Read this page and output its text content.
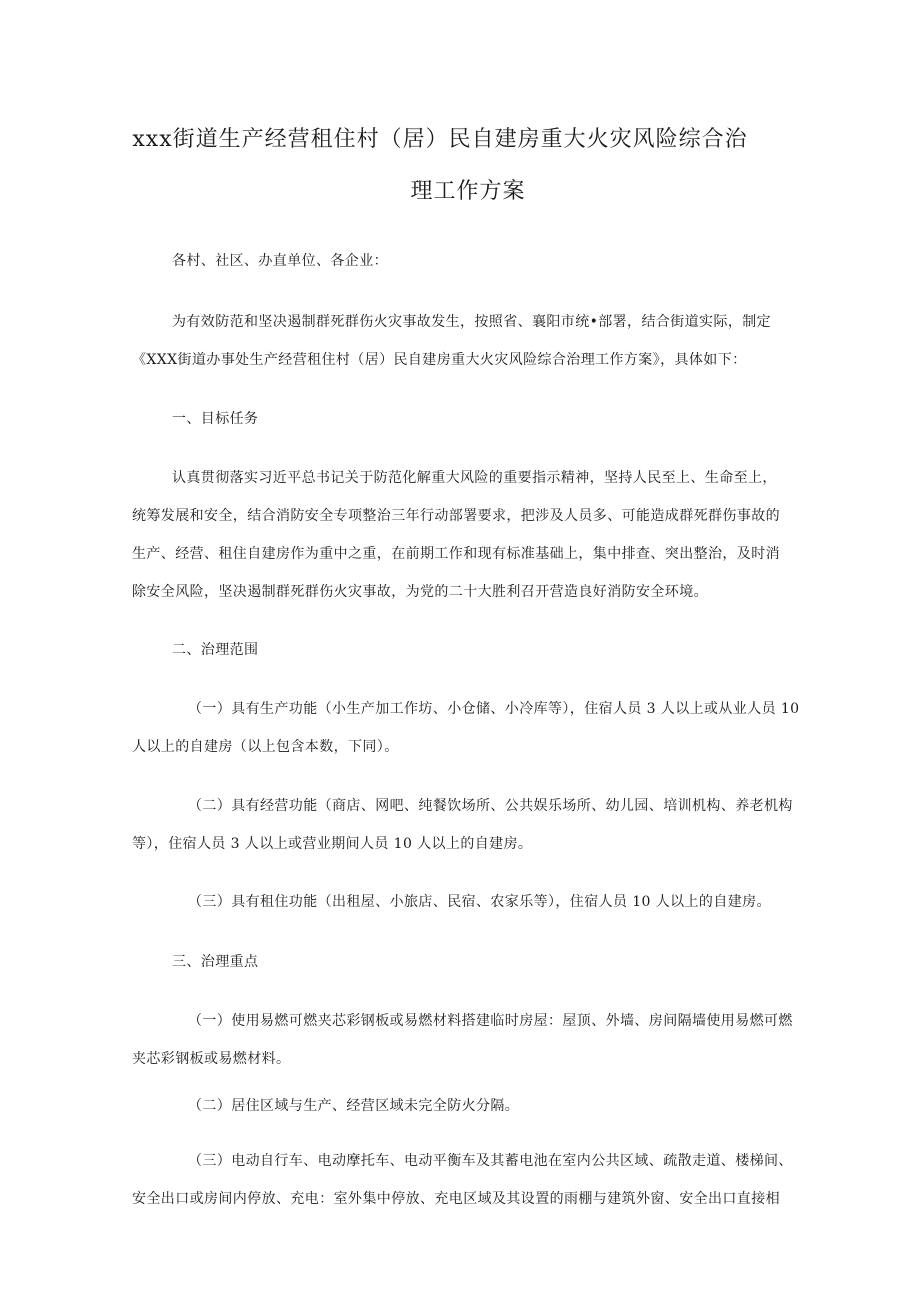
xxx街道生产经营租住村（居）民自建房重大火灾风险综合治
理工作方案
各村、社区、办直单位、各企业：
为有效防范和坚决遏制群死群伤火灾事故发生，按照省、襄阳市统•部署，结合街道实际，制定
《XXX街道办事处生产经营租住村（居）民自建房重大火灾风险综合治理工作方案》，具体如下：
一、目标任务
认真贯彻落实习近平总书记关于防范化解重大风险的重要指示精神，坚持人民至上、生命至上，
统筹发展和安全，结合消防安全专项整治三年行动部署要求，把涉及人员多、可能造成群死群伤事故的
生产、经营、租住自建房作为重中之重，在前期工作和现有标准基础上，集中排查、突出整治，及时消
除安全风险，坚决遏制群死群伤火灾事故，为党的二十大胜利召开营造良好消防安全环境。
二、治理范围
（一）具有生产功能（小生产加工作坊、小仓储、小冷库等），住宿人员 3 人以上或从业人员 10
人以上的自建房（以上包含本数，下同）。
（二）具有经营功能（商店、网吧、纯餐饮场所、公共娱乐场所、幼儿园、培训机构、养老机构
等），住宿人员 3 人以上或营业期间人员 10 人以上的自建房。
（三）具有租住功能（出租屋、小旅店、民宿、农家乐等），住宿人员 10 人以上的自建房。
三、治理重点
（一）使用易燃可燃夹芯彩钢板或易燃材料搭建临时房屋：屋顶、外墙、房间隔墙使用易燃可燃
夹芯彩钢板或易燃材料。
（二）居住区域与生产、经营区域未完全防火分隔。
（三）电动自行车、电动摩托车、电动平衡车及其蓄电池在室内公共区域、疏散走道、楼梯间、
安全出口或房间内停放、充电：室外集中停放、充电区域及其设置的雨棚与建筑外窗、安全出口直接相
